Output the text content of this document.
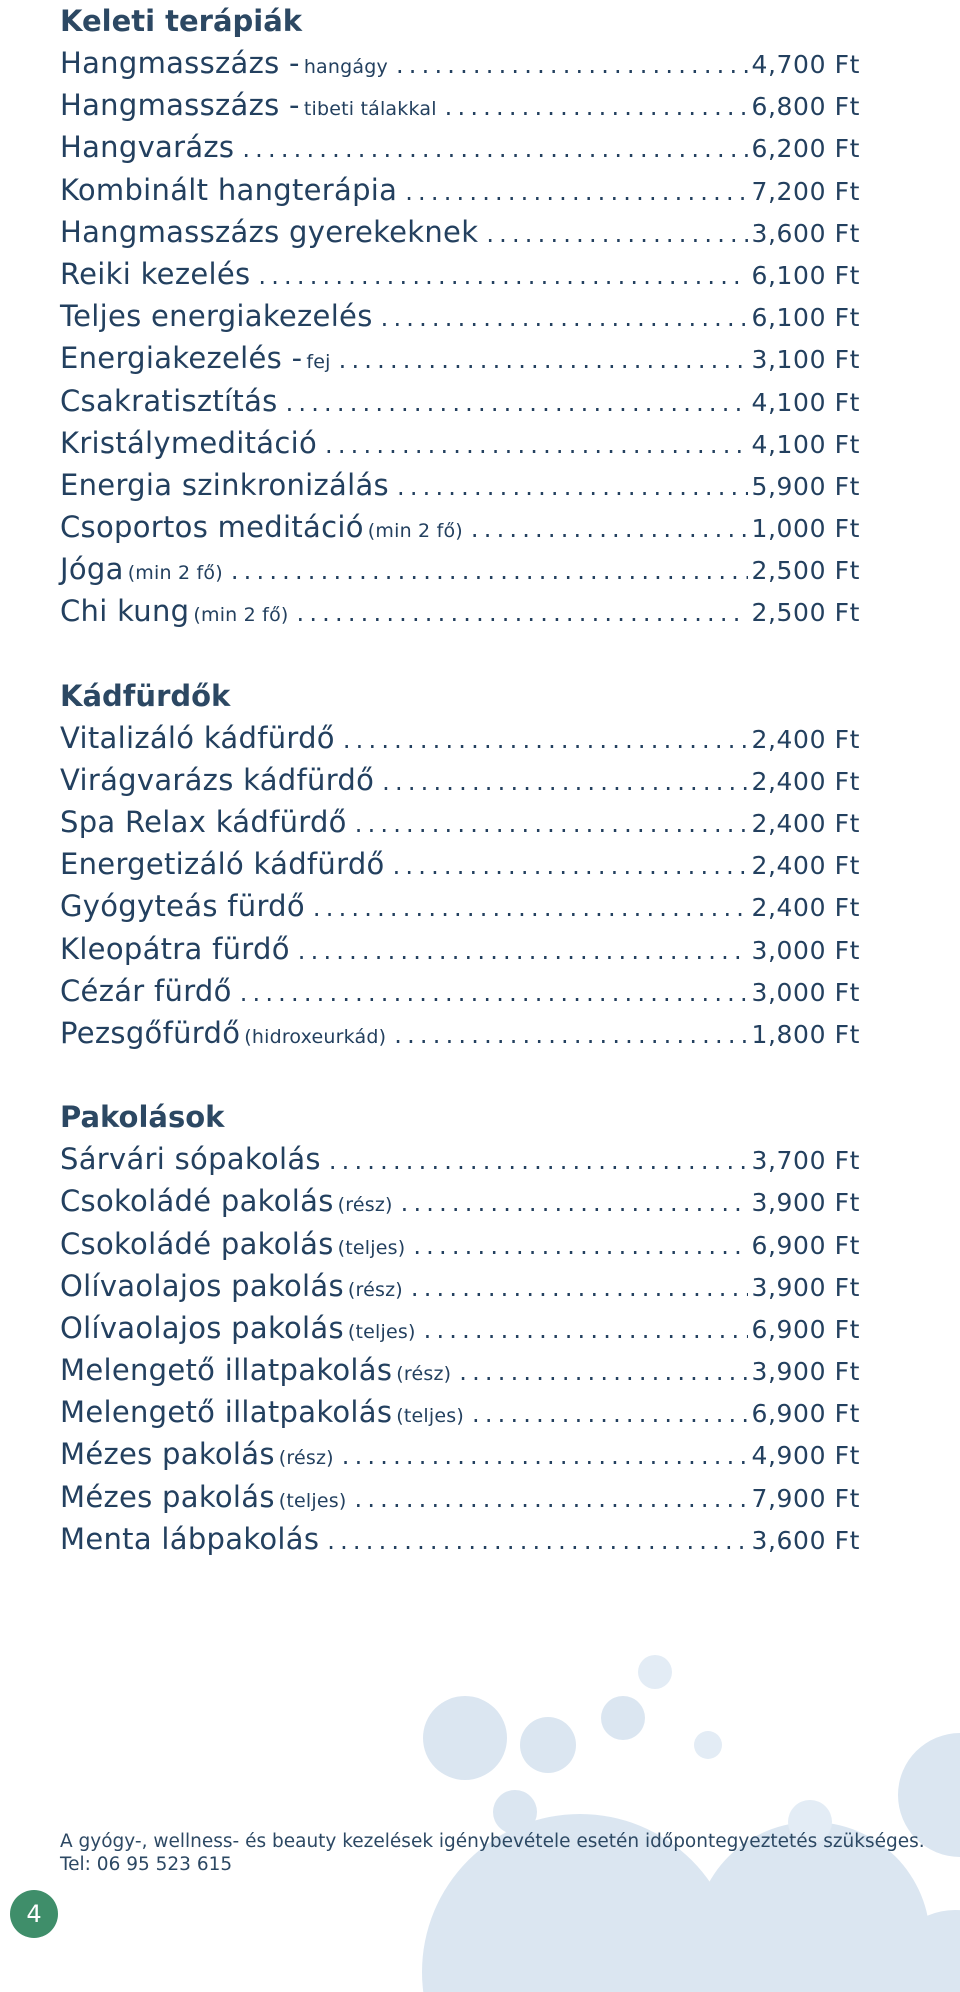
Keleti terápiák
Hangmasszázs - hangágy .....	4,700 Ft
Hangmasszázs - tibeti tálakkal .....	6,800 Ft
Hangvarázs .....	6,200 Ft
Kombinált hangterápia .....	7,200 Ft
Hangmasszázs gyerekeknek .....	3,600 Ft
Reiki kezelés .....	6,100 Ft
Teljes energiakezelés .....	6,100 Ft
Energiakezelés - fej .....	3,100 Ft
Csakratisztítás .....	4,100 Ft
Kristálymeditáció .....	4,100 Ft
Energia szinkronizálás .....	5,900 Ft
Csoportos meditáció (min 2 fő) .....	1,000 Ft
Jóga (min 2 fő) .....	2,500 Ft
Chi kung (min 2 fő) .....	2,500 Ft
Kádfürdők
Vitalizáló kádfürdő .....	2,400 Ft
Virágvarázs kádfürdő .....	2,400 Ft
Spa Relax kádfürdő .....	2,400 Ft
Energetizáló kádfürdő .....	2,400 Ft
Gyógyteás fürdő .....	2,400 Ft
Kleopátra fürdő .....	3,000 Ft
Cézár fürdő .....	3,000 Ft
Pezsgőfürdő (hidroxeurkád) .....	1,800 Ft
Pakolások
Sárvári sópakolás .....	3,700 Ft
Csokoládé pakolás (rész) .....	3,900 Ft
Csokoládé pakolás (teljes) .....	6,900 Ft
Olívaolajos pakolás (rész) .....	3,900 Ft
Olívaolajos pakolás (teljes) .....	6,900 Ft
Melengető illatpakolás (rész) .....	3,900 Ft
Melengető illatpakolás (teljes) .....	6,900 Ft
Mézes pakolás (rész) .....	4,900 Ft
Mézes pakolás (teljes) .....	7,900 Ft
Menta lábpakolás .....	3,600 Ft
A gyógy-, wellness- és beauty kezelések igénybevétele esetén időpontegyeztetés szükséges.
Tel: 06 95 523 615
4
